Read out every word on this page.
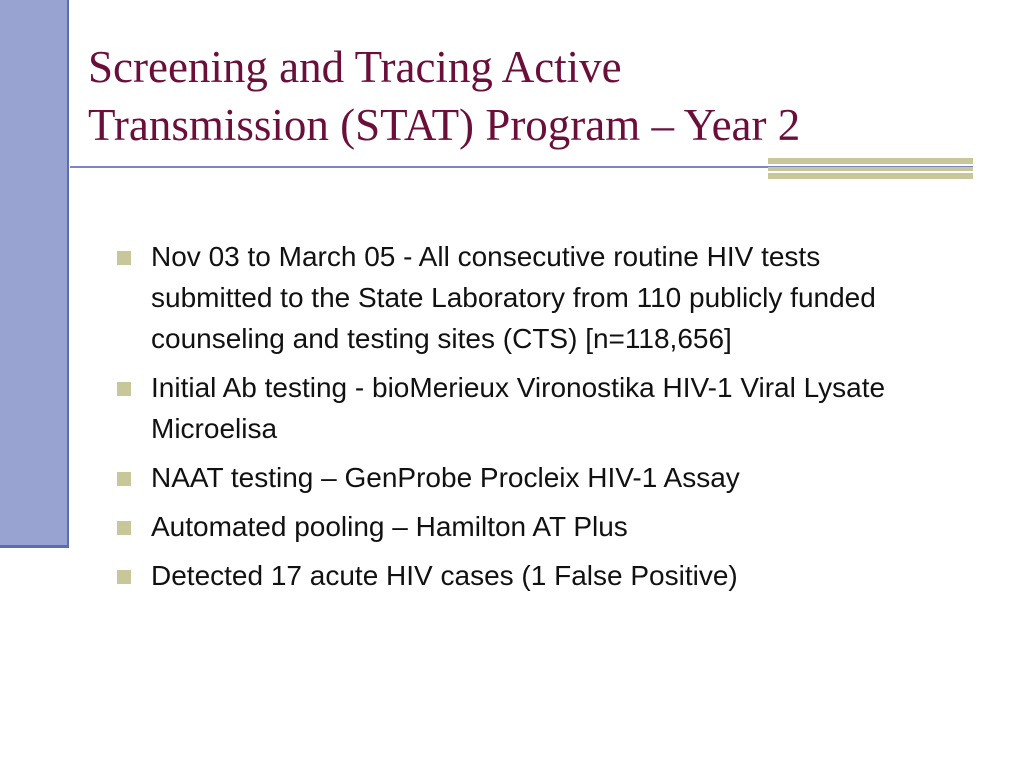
Screening and Tracing Active
Transmission (STAT) Program – Year 2
Nov 03 to March 05 - All consecutive routine HIV tests submitted to the State Laboratory from 110 publicly funded counseling and testing sites (CTS) [n=118,656]
Initial Ab testing - bioMerieux Vironostika HIV-1 Viral Lysate Microelisa
NAAT testing – GenProbe Procleix HIV-1 Assay
Automated pooling – Hamilton AT Plus
Detected 17 acute HIV cases (1 False Positive)
